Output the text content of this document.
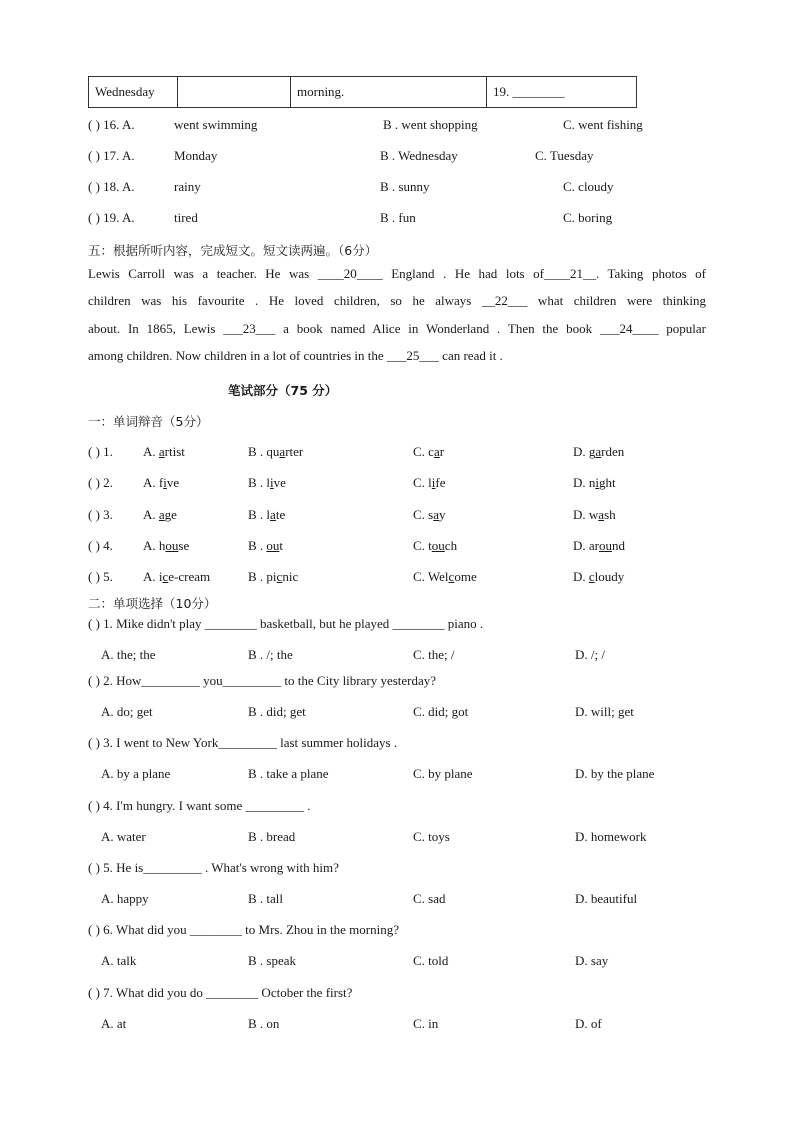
Wednesday		morning.	19. ________
( ) 16. A.	went swimming	B . went shopping	C. went fishing
( ) 17. A.	Monday	B . Wednesday	C. Tuesday
( ) 18. A.	rainy	B . sunny	C. cloudy
( ) 19. A.	tired	B . fun	C. boring
五：根据所听内容，完成短文。短文读两遍。（6分）
Lewis Carroll was a teacher. He was ____20____ England . He had lots of____21__. Taking photos of
children was his favourite . He loved children, so he always __22___ what children were thinking
about. In 1865, Lewis ___23___ a book named Alice in Wonderland . Then the book ___24____ popular
among children. Now children in a lot of countries in the ___25___ can read it .
笔试部分（75 分）
一：单词辩音（5分）
( ) 1. A. artist	B . quarter	C. car	D. garden
( ) 2. A. five	B . live	C. life	D. night
( ) 3. A. age	B . late	C. say	D. wash
( ) 4. A. house	B . out	C. touch	D. around
( ) 5. A. ice-cream	B . picnic	C. Welcome	D. cloudy
二：单项选择（10分）
( ) 1. Mike didn't play ________ basketball, but he played ________ piano .
A. the; the	B . /; the	C. the; /	D. /; /
( ) 2. How_________ you_________ to the City library yesterday?
A. do; get	B . did; get	C. did; got	D. will; get
( ) 3. I went to New York_________ last summer holidays .
A. by a plane	B . take a plane	C. by plane	D. by the plane
( ) 4. I'm hungry. I want some _________ .
A. water	B . bread	C. toys	D. homework
( ) 5. He is_________ . What's wrong with him?
A. happy	B . tall	C. sad	D. beautiful
( ) 6. What did you ________ to Mrs. Zhou in the morning?
A. talk	B . speak	C. told	D. say
( ) 7. What did you do ________ October the first?
A. at	B . on	C. in	D. of
